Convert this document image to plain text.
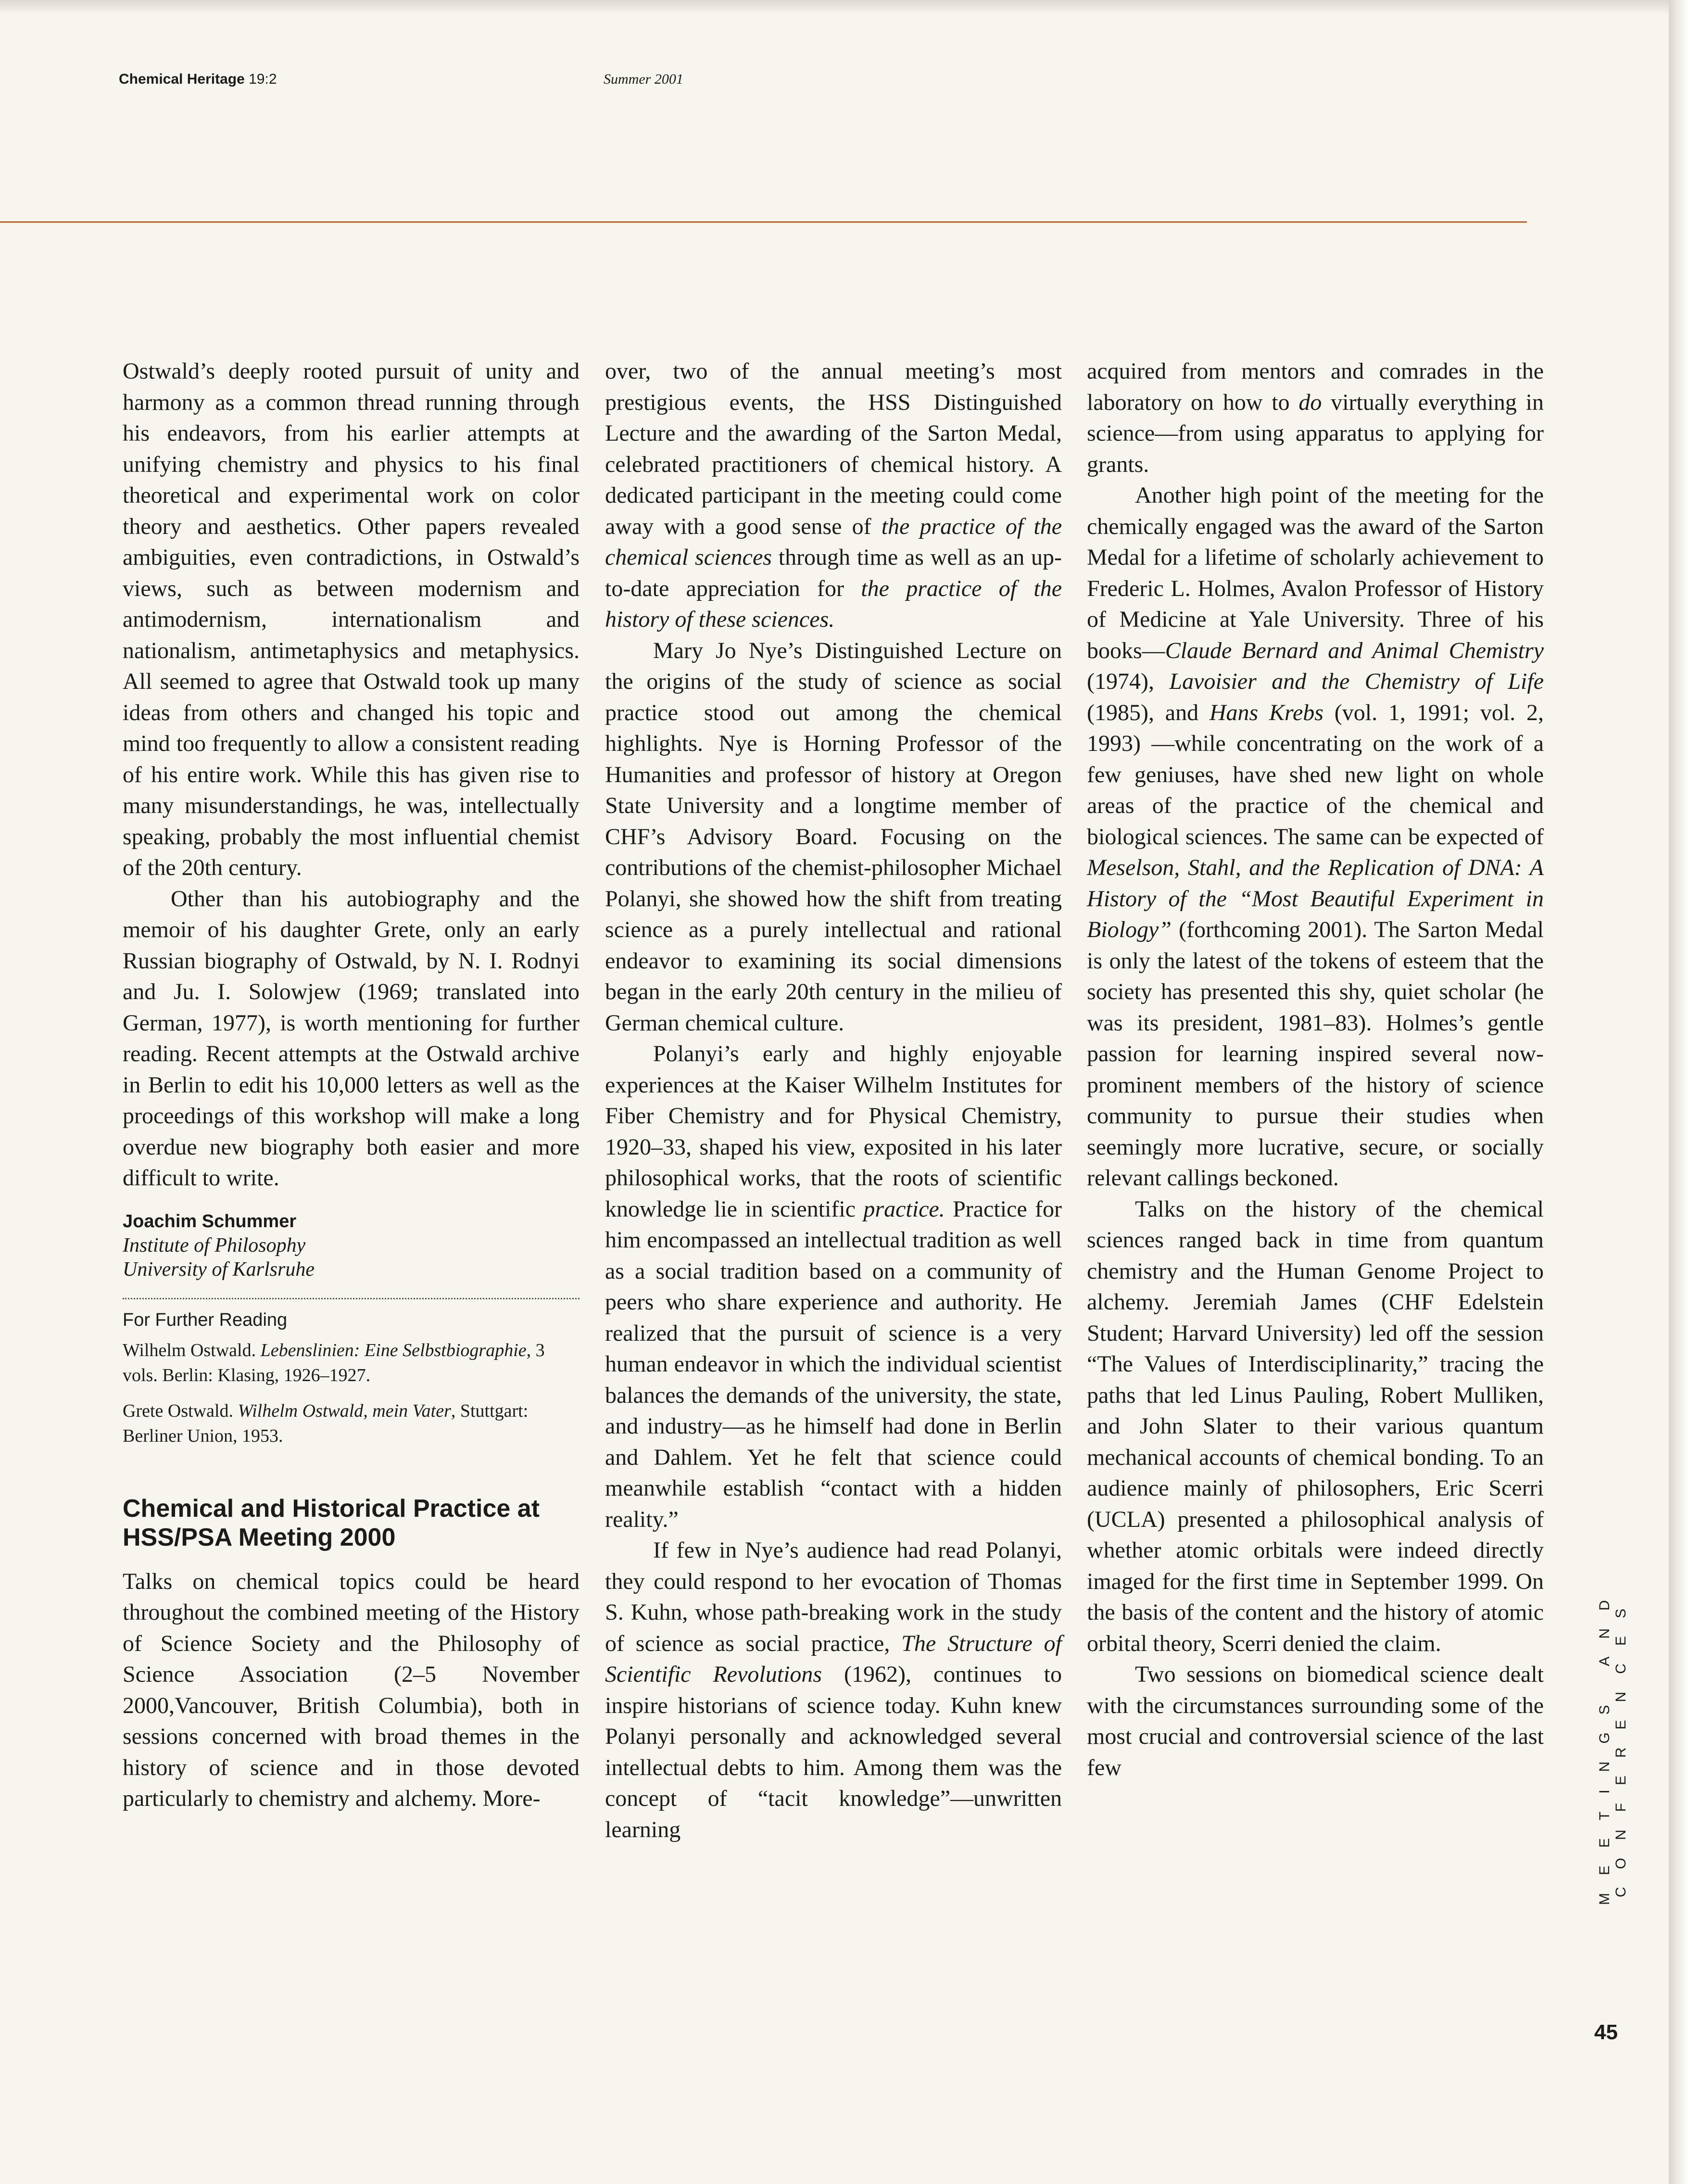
Chemical Heritage 19:2	Summer 2001

Ostwald’s deeply rooted pursuit of unity and harmony as a common thread running through his endeavors, from his earlier attempts at unifying chemistry and physics to his final theoretical and experimental work on color theory and aesthetics. Other papers revealed ambiguities, even contradictions, in Ostwald’s views, such as between modernism and antimodernism, internationalism and nationalism, antimetaphysics and metaphysics. All seemed to agree that Ostwald took up many ideas from others and changed his topic and mind too frequently to allow a consistent reading of his entire work. While this has given rise to many misunderstandings, he was, intellectually speaking, probably the most influential chemist of the 20th century.

Other than his autobiography and the memoir of his daughter Grete, only an early Russian biography of Ostwald, by N. I. Rodnyi and Ju. I. Solowjew (1969; translated into German, 1977), is worth mentioning for further reading. Recent attempts at the Ostwald archive in Berlin to edit his 10,000 letters as well as the proceedings of this workshop will make a long overdue new biography both easier and more difficult to write.

Joachim Schummer
Institute of Philosophy
University of Karlsruhe
For Further Reading
Wilhelm Ostwald. Lebenslinien: Eine Selbstbiographie, 3 vols. Berlin: Klasing, 1926–1927.
Grete Ostwald. Wilhelm Ostwald, mein Vater, Stuttgart: Berliner Union, 1953.
Chemical and Historical Practice at HSS/PSA Meeting 2000

Talks on chemical topics could be heard throughout the combined meeting of the History of Science Society and the Philosophy of Science Association (2–5 November 2000,Vancouver, British Columbia), both in sessions concerned with broad themes in the history of science and in those devoted particularly to chemistry and alchemy. More-

over, two of the annual meeting’s most prestigious events, the HSS Distinguished Lecture and the awarding of the Sarton Medal, celebrated practitioners of chemical history. A dedicated participant in the meeting could come away with a good sense of the practice of the chemical sciences through time as well as an up-to-date appreciation for the practice of the history of these sciences.

Mary Jo Nye’s Distinguished Lecture on the origins of the study of science as social practice stood out among the chemical highlights. Nye is Horning Professor of the Humanities and professor of history at Oregon State University and a longtime member of CHF’s Advisory Board. Focusing on the contributions of the chemist-philosopher Michael Polanyi, she showed how the shift from treating science as a purely intellectual and rational endeavor to examining its social dimensions began in the early 20th century in the milieu of German chemical culture.

Polanyi’s early and highly enjoyable experiences at the Kaiser Wilhelm Institutes for Fiber Chemistry and for Physical Chemistry, 1920–33, shaped his view, exposited in his later philosophical works, that the roots of scientific knowledge lie in scientific practice. Practice for him encompassed an intellectual tradition as well as a social tradition based on a community of peers who share experience and authority. He realized that the pursuit of science is a very human endeavor in which the individual scientist balances the demands of the university, the state, and industry—as he himself had done in Berlin and Dahlem. Yet he felt that science could meanwhile establish “contact with a hidden reality.”

If few in Nye’s audience had read Polanyi, they could respond to her evocation of Thomas S. Kuhn, whose path-breaking work in the study of science as social practice, The Structure of Scientific Revolutions (1962), continues to inspire historians of science today. Kuhn knew Polanyi personally and acknowledged several intellectual debts to him. Among them was the concept of “tacit knowledge”—unwritten learning

acquired from mentors and comrades in the laboratory on how to do virtually everything in science—from using apparatus to applying for grants.

Another high point of the meeting for the chemically engaged was the award of the Sarton Medal for a lifetime of scholarly achievement to Frederic L. Holmes, Avalon Professor of History of Medicine at Yale University. Three of his books—Claude Bernard and Animal Chemistry (1974), Lavoisier and the Chemistry of Life (1985), and Hans Krebs (vol. 1, 1991; vol. 2, 1993) —while concentrating on the work of a few geniuses, have shed new light on whole areas of the practice of the chemical and biological sciences. The same can be expected of Meselson, Stahl, and the Replication of DNA: A History of the “Most Beautiful Experiment in Biology” (forthcoming 2001). The Sarton Medal is only the latest of the tokens of esteem that the society has presented this shy, quiet scholar (he was its president, 1981–83). Holmes’s gentle passion for learning inspired several now-prominent members of the history of science community to pursue their studies when seemingly more lucrative, secure, or socially relevant callings beckoned.

Talks on the history of the chemical sciences ranged back in time from quantum chemistry and the Human Genome Project to alchemy. Jeremiah James (CHF Edelstein Student; Harvard University) led off the session “The Values of Interdisciplinarity,” tracing the paths that led Linus Pauling, Robert Mulliken, and John Slater to their various quantum mechanical accounts of chemical bonding. To an audience mainly of philosophers, Eric Scerri (UCLA) presented a philosophical analysis of whether atomic orbitals were indeed directly imaged for the first time in September 1999. On the basis of the content and the history of atomic orbital theory, Scerri denied the claim.

Two sessions on biomedical science dealt with the circumstances surrounding some of the most crucial and controversial science of the last few	MEETINGS AND CONFERENCES
45
